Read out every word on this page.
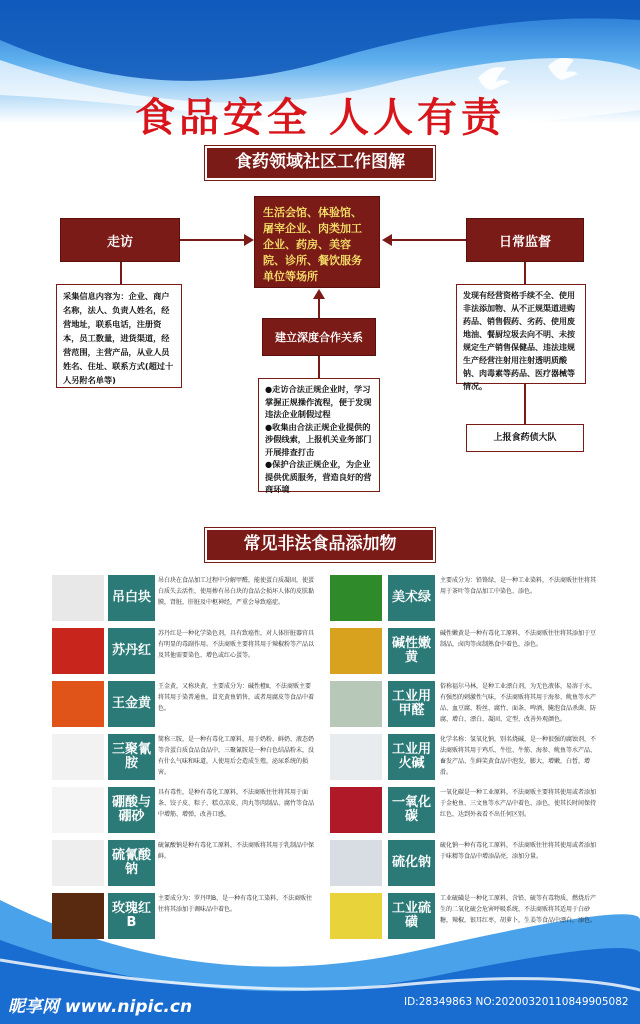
食品安全 人人有责
食药领域社区工作图解
生活会馆、体验馆、屠宰企业、肉类加工企业、药房、美容院、诊所、餐饮服务单位等场所
走访	日常监督
采集信息内容为：企业、商户名称，法人、负责人姓名，经营地址，联系电话，注册资本，员工数量，进货渠道，经营范围，主营产品，从业人员姓名、住址、联系方式(超过十人另附名单等)
发现有经营资格手续不全、使用非法添加物、从不正规渠道进购药品、销售假药、劣药、使用废地油、餐厨垃圾去向不明、未按规定生产销售保健品、违法违规生产经营注射用注射透明质酸钠、肉毒素等药品、医疗器械等情况。
建立深度合作关系
●走访合法正规企业时，学习掌握正规操作流程，便于发现违法企业制假过程
●收集由合法正规企业提供的涉假线索，上报机关业务部门开展排查打击
●保护合法正规企业，为企业提供优质服务，营造良好的营商环境
上报食药侦大队
常见非法食品添加物
吊白块
吊白块在食品加工过程中分解甲醛，能使蛋白质凝固，使蛋白质失去活性，使用掺有吊白块的食品会损坏人体的皮肤黏膜，肾脏，肝脏及中枢神经，严重会导致癌症。
苏丹红
苏丹红是一种化学染色剂，具有致癌性，对人体肝脏器官具有明显的毒副作用。不法商贩主要将其用于辣椒粉等产品以及其他需要染色、增色或红心蛋等。
王金黄
王金黄，又称块黄，主要成分为：碱性橙Ⅱ，不法商贩主要将其用于染普通鱼，冒充黄鱼销售，或者用腐皮等食品中着色。
三聚氰胺
简称三胺，是一种有毒化工原料，用于奶粉、鲜奶、液态奶等含蛋白质食品食品中，三聚氰胺是一种白色结晶粉末，没有什么气味和味道，人使用后会造成生殖，泌尿系统的损害。
硼酸与硼砂
具有毒性，是种有毒化工原料，不法商贩往往将其用于面条、饺子皮、粽子、糕点凉皮、肉丸等肉制品、腐竹等食品中增筋、增弹，改善口感。
硫氰酸钠
硫氰酸钠是种有毒化工原料，不法商贩将其用于乳制品中保鲜。
玫瑰红B
主要成分为：罗丹明B，是一种有毒化工染料，不法商贩往往将其添加于调味品中着色。
美术绿
主要成分为：铅铬绿，是一种工业染料，不法商贩往往将其用于茶叶等食品加工中染色、添色。
碱性嫩黄
碱性嫩黄是一种有毒化工原料，不法商贩往往将其添加于豆制品，卤肉等卤制熟食中着色，添色。
工业用甲醛
俗称福尔马林，是种工业漂白剂，为无色液体，易溶于水，有强烈的刺激性气味，不法商贩将其用于海参、鱿鱼等水产品、血豆腐、粉丝、腐竹、面条、啤酒、腌泡食品杀菌、防腐、增白、漂白、凝固、定型、改善外观颜色。
工业用火碱
化学名称：氢氧化钠，别名烧碱，是一种很强的腐蚀剂，不法商贩将其用于鸡爪、牛肚、牛筋、海参、鱿鱼等水产品、畜发产品、生鲜笑黄食品中泡发，膨大，增嫩，白皙，增滑。
一氧化碳
一氧化碳是一种工业原料，不法商贩主要将其使用或者添加于金枪鱼、三文鱼等水产品中着色、添色，使其长时间保持红色，达到外表看不出任何区别。
硫化钠
硫化钠一种有毒化工原料，不法商贩往往将其使用或者添加于味精等食品中增添晶亮，添加分量。
工业硫磺
工业硫磺是一种化工原料，含铅、硫等有毒物质，燃烧后产生的二氧化硫会危害呼吸系统，不法商贩将其适用于白砂糖，辣椒，银耳红枣，胡萝卜，生姜等食品中漂白，添色。
昵享网 www.nipic.cn	ID:28349863 NO:20200320110849905082
